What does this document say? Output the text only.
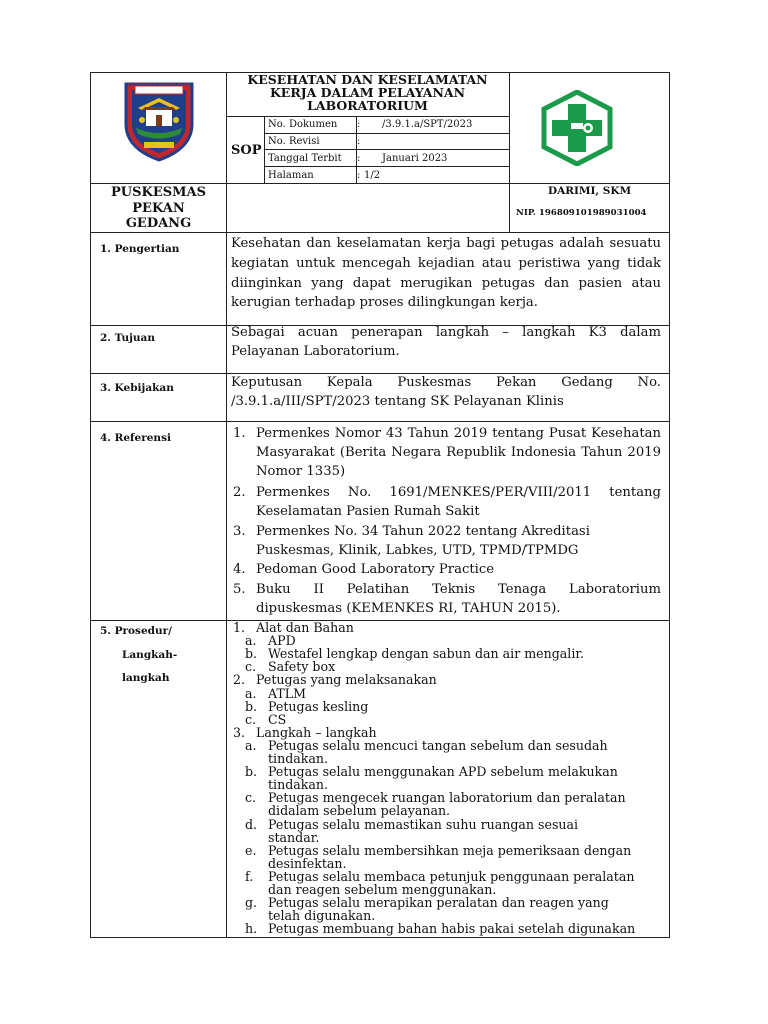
KABUPATEN BATANGHARI	KESEHATAN DAN KESELAMATAN
KERJA DALAM PELAYANAN
LABORATORIUM
SOP
No. Dokumen : /3.9.1.a/SPT/2023
No. Revisi	:
Tanggal Terbit : Januari 2023
Halaman	: 1/2
PUSKESMAS
PEKAN
GEDANG
DARIMI, SKM
NIP. 196809101989031004
1. Pengertian	Kesehatan dan keselamatan kerja bagi petugas adalah sesuatu
kegiatan untuk mencegah kejadian atau peristiwa yang tidak
diinginkan yang dapat merugikan petugas dan pasien atau
kerugian terhadap proses dilingkungan kerja.
2. Tujuan	Sebagai acuan penerapan langkah – langkah K3 dalam
Pelayanan Laboratorium.
3. Kebijakan	Keputusan Kepala Puskesmas Pekan Gedang No.
/3.9.1.a/III/SPT/2023 tentang SK Pelayanan Klinis
4. Referensi	1. Permenkes Nomor 43 Tahun 2019 tentang Pusat Kesehatan
Masyarakat (Berita Negara Republik Indonesia Tahun 2019
Nomor 1335)
2. Permenkes No. 1691/MENKES/PER/VIII/2011 tentang
Keselamatan Pasien Rumah Sakit
3. Permenkes No. 34 Tahun 2022 tentang Akreditasi
Puskesmas, Klinik, Labkes, UTD, TPMD/TPMDG
4. Pedoman Good Laboratory Practice
5. Buku II Pelatihan Teknis Tenaga Laboratorium
dipuskesmas (KEMENKES RI, TAHUN 2015).
5. Prosedur/
Langkah-
langkah
1. Alat dan Bahan
a. APD
b. Westafel lengkap dengan sabun dan air mengalir.
c. Safety box
2. Petugas yang melaksanakan
a. ATLM
b. Petugas kesling
c. CS
3. Langkah – langkah
a. Petugas selalu mencuci tangan sebelum dan sesudah
tindakan.
b. Petugas selalu menggunakan APD sebelum melakukan
tindakan.
c. Petugas mengecek ruangan laboratorium dan peralatan
didalam sebelum pelayanan.
d. Petugas selalu memastikan suhu ruangan sesuai
standar.
e. Petugas selalu membersihkan meja pemeriksaan dengan
desinfektan.
f. Petugas selalu membaca petunjuk penggunaan peralatan
dan reagen sebelum menggunakan.
g. Petugas selalu merapikan peralatan dan reagen yang
telah digunakan.
h. Petugas membuang bahan habis pakai setelah digunakan
